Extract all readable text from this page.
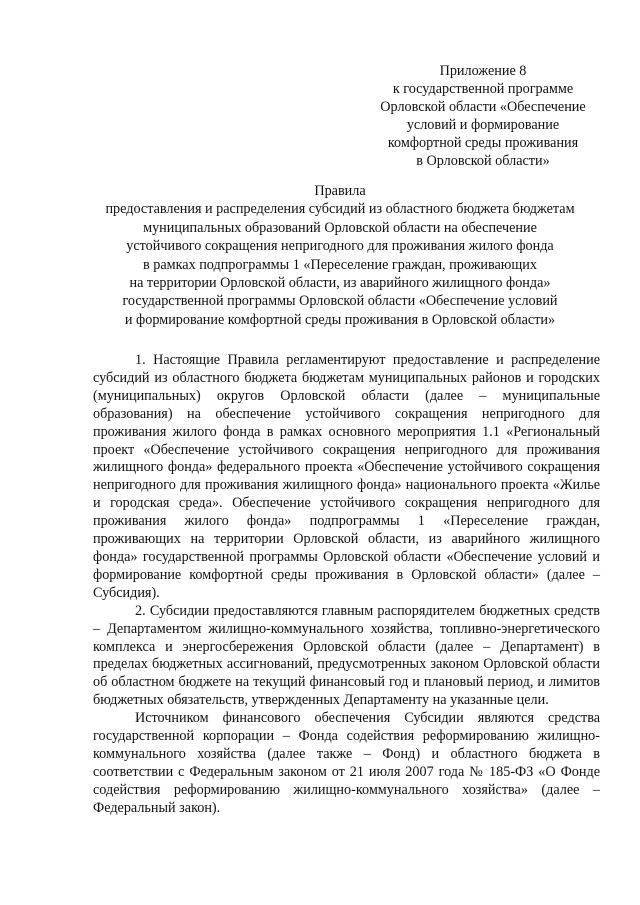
Приложение 8
к государственной программе
Орловской области «Обеспечение
условий и формирование
комфортной среды проживания
в Орловской области»
Правила
предоставления и распределения субсидий из областного бюджета бюджетам
муниципальных образований Орловской области на обеспечение
устойчивого сокращения непригодного для проживания жилого фонда
в рамках подпрограммы 1 «Переселение граждан, проживающих
на территории Орловской области, из аварийного жилищного фонда»
государственной программы Орловской области «Обеспечение условий
и формирование комфортной среды проживания в Орловской области»

1. Настоящие Правила регламентируют предоставление и распределение субсидий из областного бюджета бюджетам муниципальных районов и городских (муниципальных) округов Орловской области (далее – муниципальные образования) на обеспечение устойчивого сокращения непригодного для проживания жилого фонда в рамках основного мероприятия 1.1 «Региональный проект «Обеспечение устойчивого сокращения непригодного для проживания жилищного фонда» федерального проекта «Обеспечение устойчивого сокращения непригодного для проживания жилищного фонда» национального проекта «Жилье и городская среда». Обеспечение устойчивого сокращения непригодного для проживания жилого фонда» подпрограммы 1 «Переселение граждан, проживающих на территории Орловской области, из аварийного жилищного фонда» государственной программы Орловской области «Обеспечение условий и формирование комфортной среды проживания в Орловской области» (далее – Субсидия).

2. Субсидии предоставляются главным распорядителем бюджетных средств – Департаментом жилищно-коммунального хозяйства, топливно-энергетического комплекса и энергосбережения Орловской области (далее – Департамент) в пределах бюджетных ассигнований, предусмотренных законом Орловской области об областном бюджете на текущий финансовый год и плановый период, и лимитов бюджетных обязательств, утвержденных Департаменту на указанные цели.

Источником финансового обеспечения Субсидии являются средства государственной корпорации – Фонда содействия реформированию жилищно-коммунального хозяйства (далее также – Фонд) и областного бюджета в соответствии с Федеральным законом от 21 июля 2007 года № 185-ФЗ «О Фонде содействия реформированию жилищно-коммунального хозяйства» (далее – Федеральный закон).
